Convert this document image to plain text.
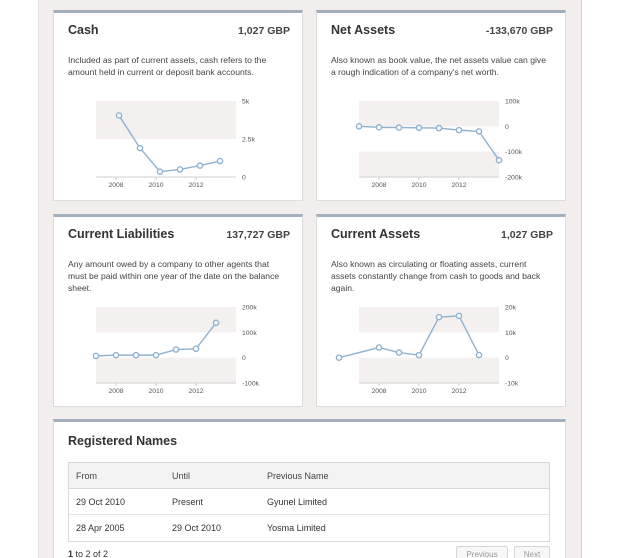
Cash	1,027 GBP
Included as part of current assets, cash refers to the amount held in current or deposit bank accounts.
5k
2.5k
0
2008	2010	2012
Net Assets	-133,670 GBP
Also known as book value, the net assets value can give a rough indication of a company's net worth.
100k
0
-100k
-200k
2008	2010	2012
Current Liabilities	137,727 GBP
Any amount owed by a company to other agents that must be paid within one year of the date on the balance sheet.
200k
100k
0
-100k
2008	2010	2012
Current Assets	1,027 GBP
Also known as circulating or floating assets, current assets constantly change from cash to goods and back again.
20k
10k
0
-10k
2008	2010	2012
Registered Names
From	Until	Previous Name
29 Oct 2010	Present	Gyunel Limited
28 Apr 2005	29 Oct 2010	Yosma Limited
1 to 2 of 2	Previous	Next
